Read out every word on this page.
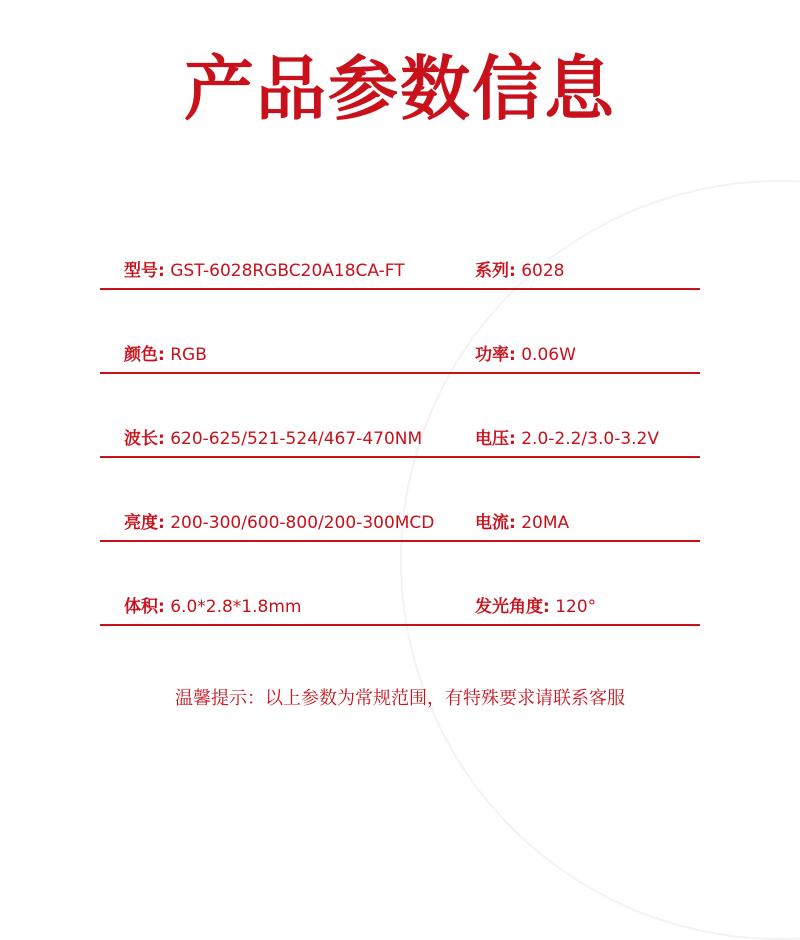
产品参数信息
型号: GST-6028RGBC20A18CA-FT	系列: 6028
颜色: RGB	功率: 0.06W
波长: 620-625/521-524/467-470NM	电压: 2.0-2.2/3.0-3.2V
亮度: 200-300/600-800/200-300MCD 电流: 20MA
体积: 6.0*2.8*1.8mm	发光角度: 120°
温馨提示：以上参数为常规范围，有特殊要求请联系客服
